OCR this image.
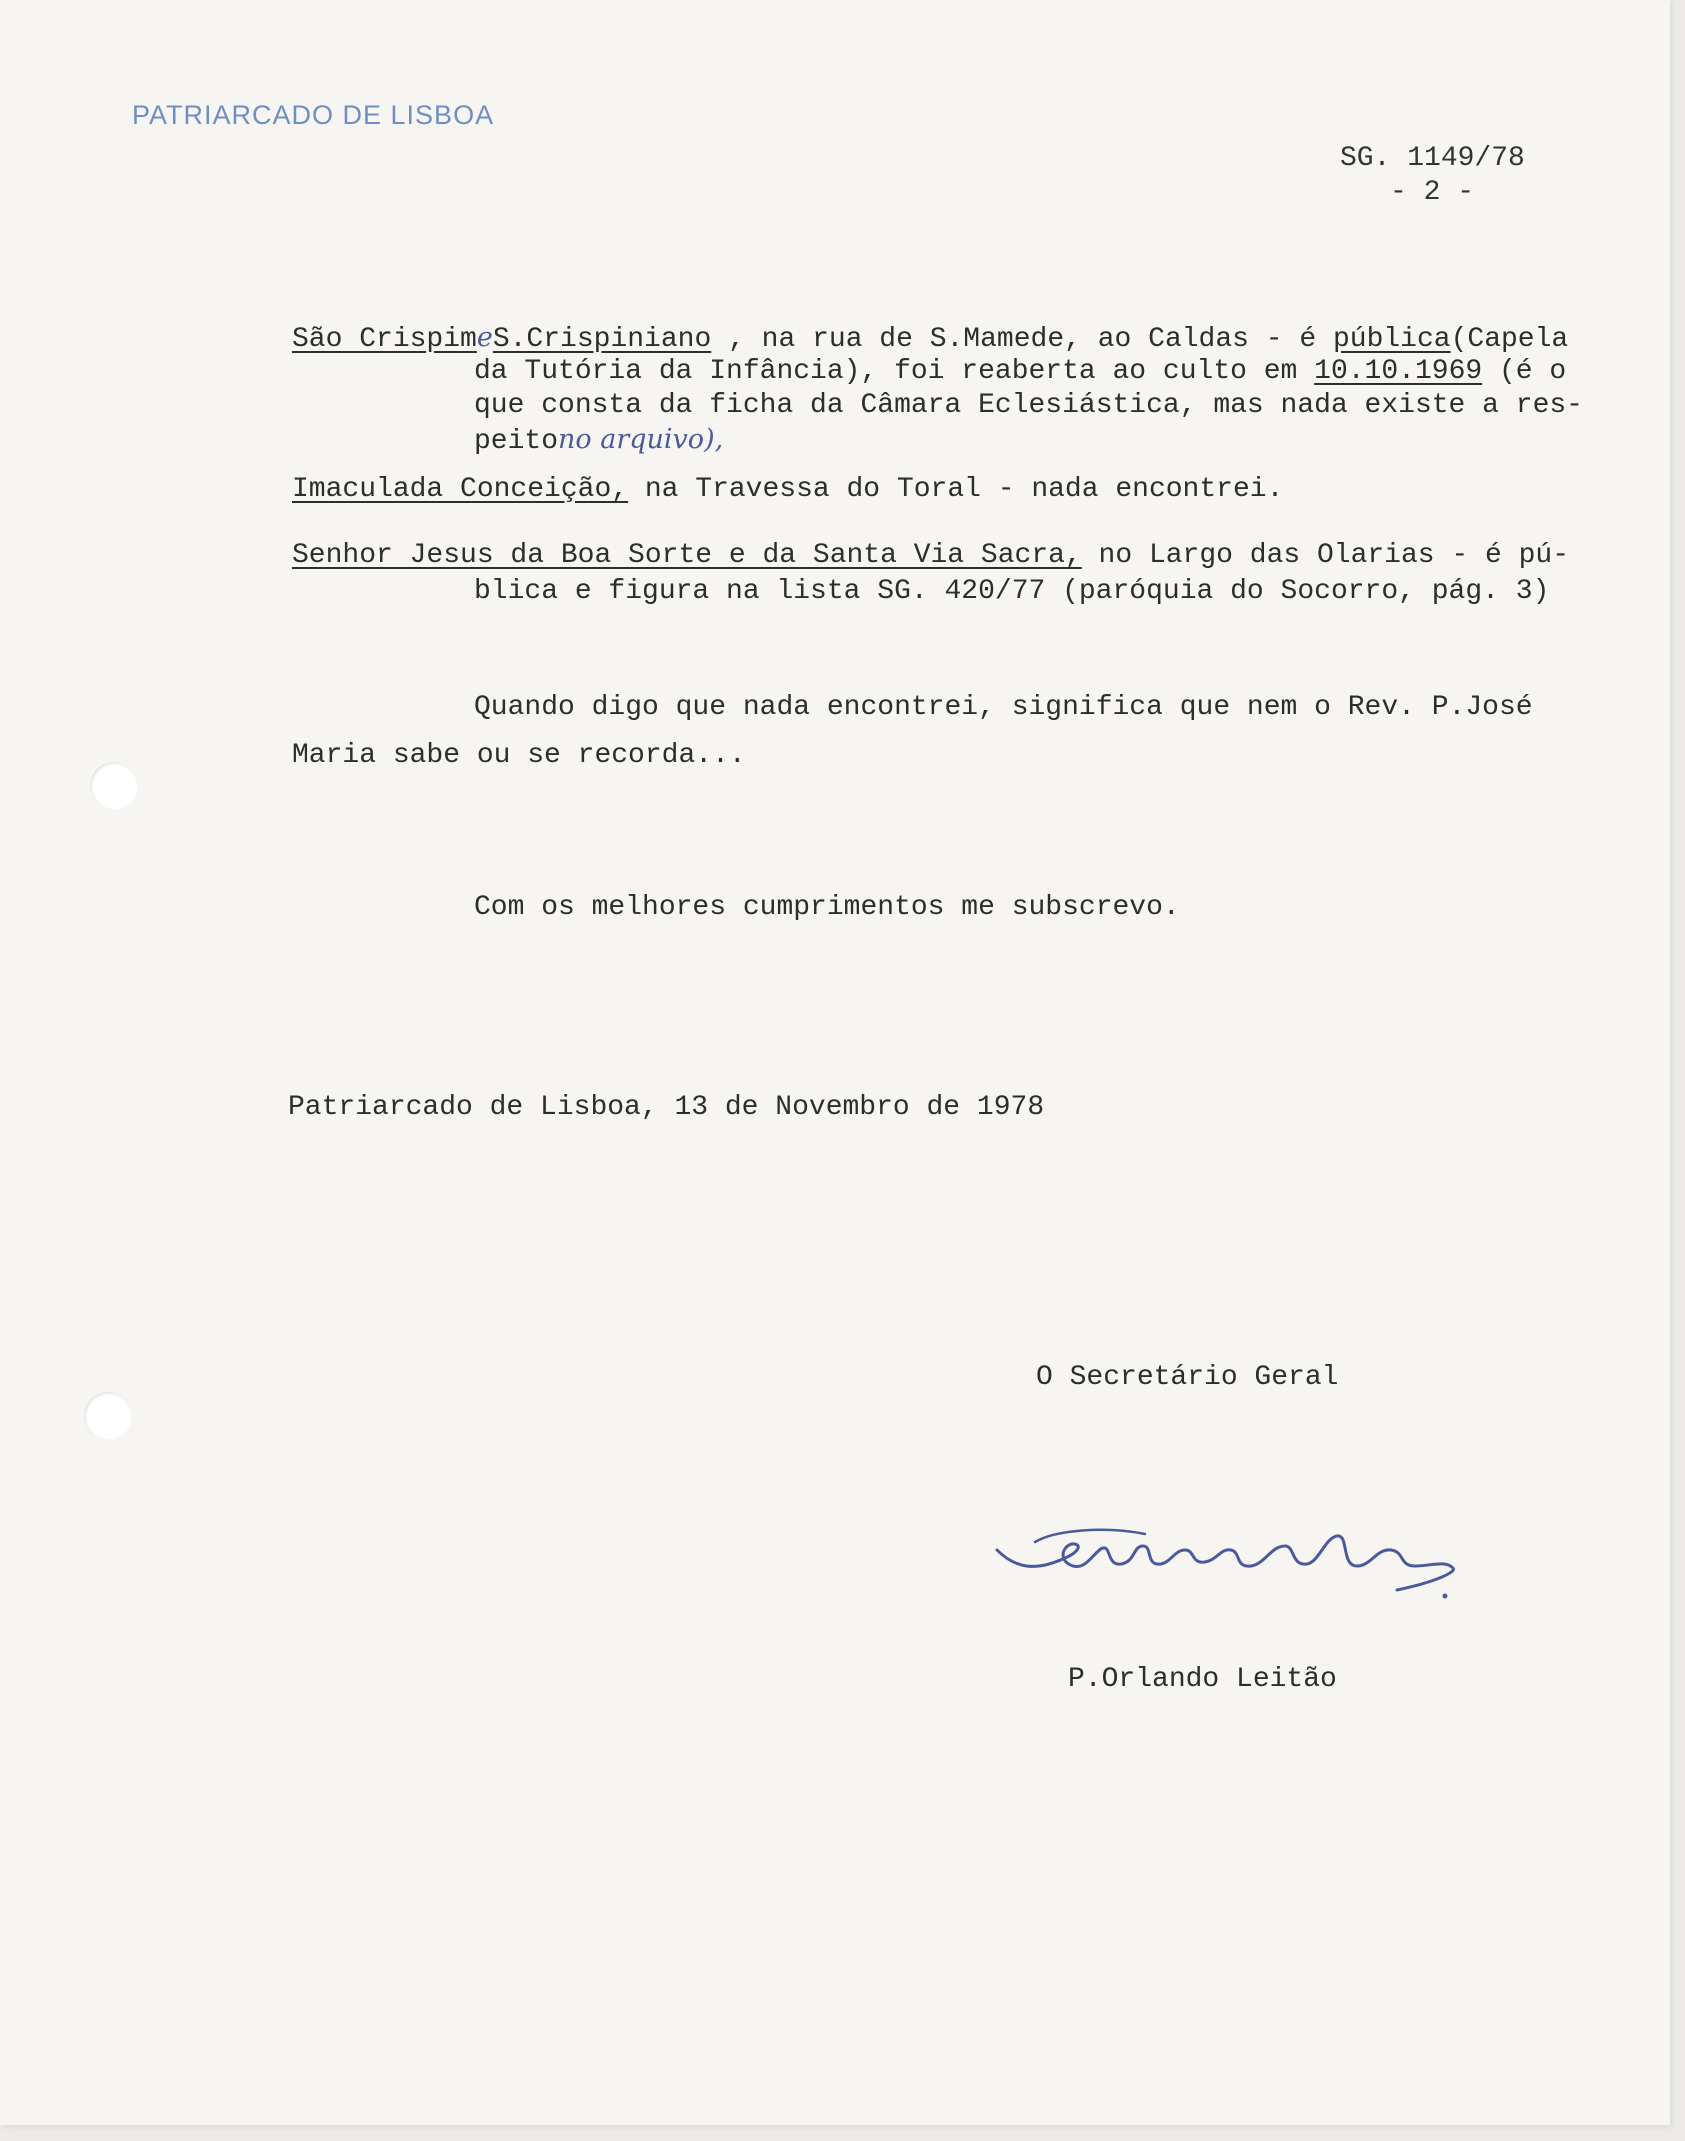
PATRIARCADO DE LISBOA
SG. 1149/78
- 2 -
São CrispimeS.Crispiniano , na rua de S.Mamede, ao Caldas - é pública(Capela
da Tutória da Infância), foi reaberta ao culto em 10.10.1969 (é o
que consta da ficha da Câmara Eclesiástica, mas nada existe a res-
peitono arquivo),
Imaculada Conceição, na Travessa do Toral - nada encontrei.
Senhor Jesus da Boa Sorte e da Santa Via Sacra, no Largo das Olarias - é pú-
blica e figura na lista SG. 420/77 (paróquia do Socorro, pág. 3)
Quando digo que nada encontrei, significa que nem o Rev. P.José
Maria sabe ou se recorda...
Com os melhores cumprimentos me subscrevo.
Patriarcado de Lisboa, 13 de Novembro de 1978
O Secretário Geral
P.Orlando Leitão
